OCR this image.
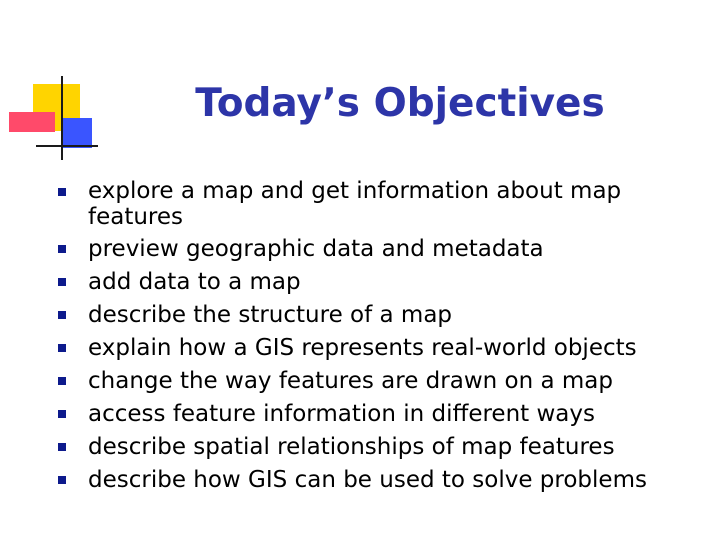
Today’s Objectives
explore a map and get information about map features
preview geographic data and metadata
add data to a map
describe the structure of a map
explain how a GIS represents real-world objects
change the way features are drawn on a map
access feature information in different ways
describe spatial relationships of map features
describe how GIS can be used to solve problems
